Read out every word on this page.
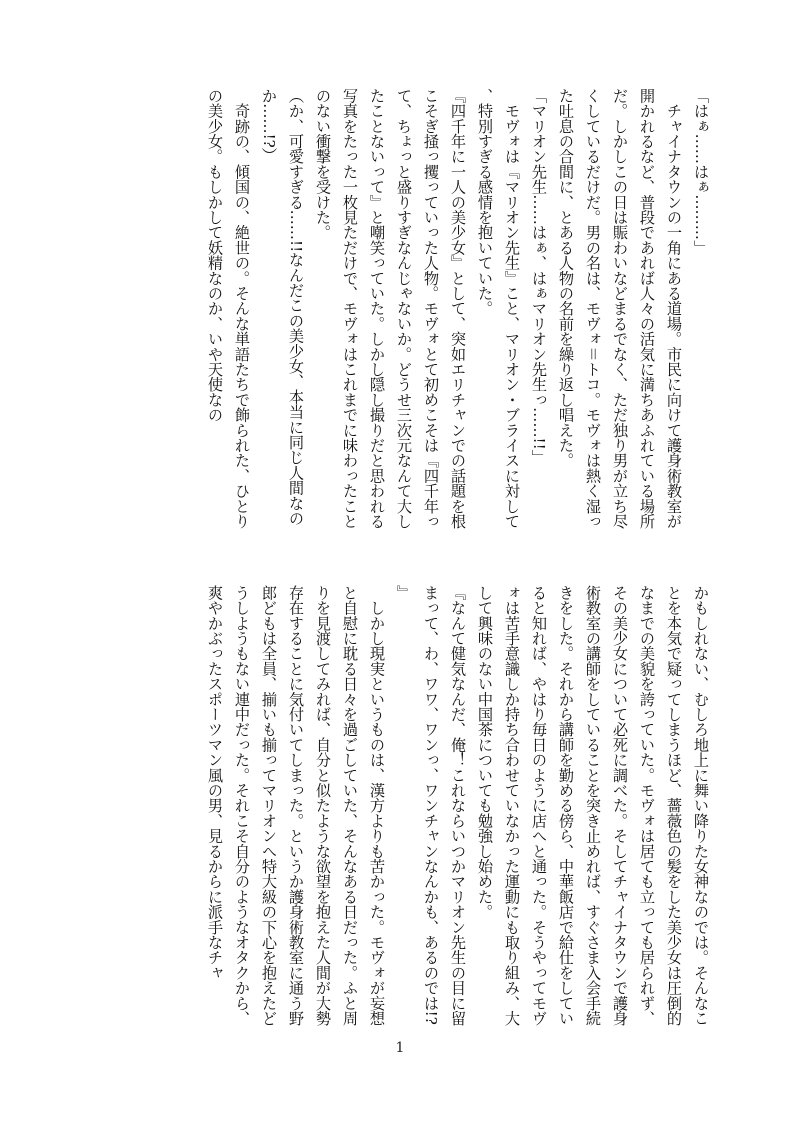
「はぁ……はぁ………」

　チャイナタウンの一角にある道場。市民に向けて護身術教室が開かれるなど、普段であれば人々の活気に満ちあふれている場所だ。しかしこの日は賑わいなどまるでなく、ただ独り男が立ち尽くしているだけだ。男の名は、モヴォ＝トコ。モヴォは熱く湿った吐息の合間に、とある人物の名前を繰り返し唱えた。

「マリオン先生……はぁ、はぁマリオン先生っ……!!」

　モヴォは『マリオン先生』こと、マリオン・ブライスに対して、特別すぎる感情を抱いていた。

『四千年に一人の美少女』として、突如エリチャンでの話題を根こそぎ掻っ攫っていった人物。モヴォとて初めこそは『四千年って、ちょっと盛りすぎなんじゃないか。どうせ三次元なんて大したことないって』と嘲笑っていた。しかし隠し撮りだと思われる写真をたった一枚見ただけで、モヴォはこれまでに味わったことのない衝撃を受けた。

（か、可愛すぎる……!!なんだこの美少女、本当に同じ人間なのか……!?）

　奇跡の、傾国の、絶世の。そんな単語たちで飾られた、ひとりの美少女。もしかして妖精なのか、いや天使なの

かもしれない、むしろ地上に舞い降りた女神なのでは。そんなことを本気で疑ってしまうほど、薔薇色の髪をした美少女は圧倒的なまでの美貌を誇っていた。モヴォは居ても立っても居られず、その美少女について必死に調べた。そしてチャイナタウンで護身術教室の講師をしていることを突き止めれば、すぐさま入会手続きをした。それから講師を勤める傍ら、中華飯店で給仕をしていると知れば、やはり毎日のように店へと通った。そうやってモヴォは苦手意識しか持ち合わせていなかった運動にも取り組み、大して興味のない中国茶についても勉強し始めた。

『なんて健気なんだ、俺！これならいつかマリオン先生の目に留まって、わ、ワワ、ワンっ、ワンチャンなんかも、あるのでは!?』

　しかし現実というものは、漢方よりも苦かった。モヴォが妄想と自慰に耽る日々を過ごしていた、そんなある日だった。ふと周りを見渡してみれば、自分と似たような欲望を抱えた人間が大勢存在することに気付いてしまった。というか護身術教室に通う野郎どもは全員、揃いも揃ってマリオンへ特大級の下心を抱えたどうしようもない連中だった。それこそ自分のようなオタクから、爽やかぶったスポーツマン風の男、見るからに派手なチャ

1
